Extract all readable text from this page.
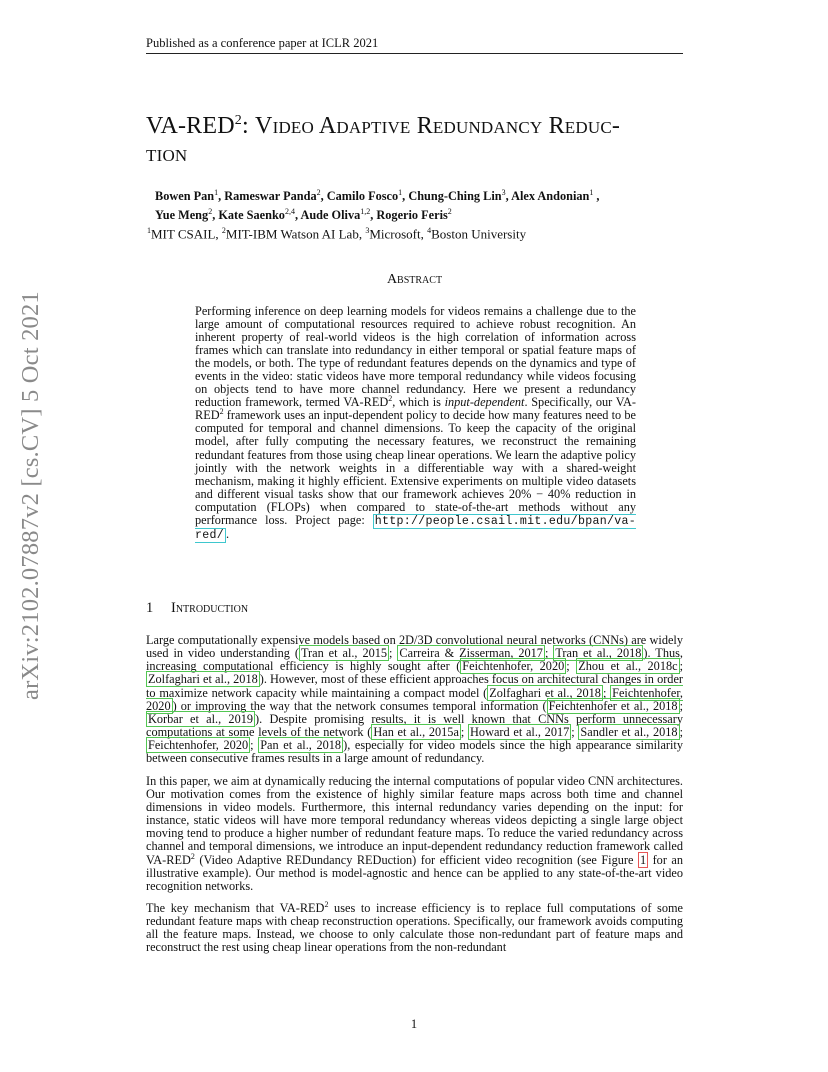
Published as a conference paper at ICLR 2021
arXiv:2102.07887v2 [cs.CV] 5 Oct 2021
VA-RED$^2$: Video Adaptive Redundancy Reduc-
tion
Bowen Pan$^1$, Rameswar Panda$^2$, Camilo Fosco$^1$, Chung-Ching Lin$^3$, Alex Andonian$^1$ ,
Yue Meng$^2$, Kate Saenko$^{2,4}$, Aude Oliva$^{1,2}$, Rogerio Feris$^2$
$^1$MIT CSAIL, $^2$MIT-IBM Watson AI Lab, $^3$Microsoft, $^4$Boston University
Abstract

Performing inference on deep learning models for videos remains a challenge due to the large amount of computational resources required to achieve robust recognition. An inherent property of real-world videos is the high correlation of information across frames which can translate into redundancy in either temporal or spatial feature maps of the models, or both. The type of redundant features depends on the dynamics and type of events in the video: static videos have more temporal redundancy while videos focusing on objects tend to have more channel redundancy. Here we present a redundancy reduction framework, termed VA-RED$^2$, which is input-dependent. Specifically, our VA-RED$^2$ framework uses an input-dependent policy to decide how many features need to be computed for temporal and channel dimensions. To keep the capacity of the original model, after fully computing the necessary features, we reconstruct the remaining redundant features from those using cheap linear operations. We learn the adaptive policy jointly with the network weights in a differentiable way with a shared-weight mechanism, making it highly efficient. Extensive experiments on multiple video datasets and different visual tasks show that our framework achieves 20% − 40% reduction in computation (FLOPs) when compared to state-of-the-art methods without any performance loss. Project page: http://people.csail.mit.edu/bpan/va-red/ .

1 Introduction

Large computationally expensive models based on 2D/3D convolutional neural networks (CNNs) are widely used in video understanding ( Tran et al., 2015 ; Carreira & Zisserman, 2017 ; Tran et al., 2018 ). Thus, increasing computational efficiency is highly sought after ( Feichtenhofer, 2020 ; Zhou et al., 2018c ; Zolfaghari et al., 2018 ). However, most of these efficient approaches focus on architectural changes in order to maximize network capacity while maintaining a compact model ( Zolfaghari et al., 2018 ; Feichtenhofer, 2020 ) or improving the way that the network consumes temporal information ( Feichtenhofer et al., 2018 ; Korbar et al., 2019 ). Despite promising results, it is well known that CNNs perform unnecessary computations at some levels of the network ( Han et al., 2015a ; Howard et al., 2017 ; Sandler et al., 2018 ; Feichtenhofer, 2020 ; Pan et al., 2018 ), especially for video models since the high appearance similarity between consecutive frames results in a large amount of redundancy.

In this paper, we aim at dynamically reducing the internal computations of popular video CNN architectures. Our motivation comes from the existence of highly similar feature maps across both time and channel dimensions in video models. Furthermore, this internal redundancy varies depending on the input: for instance, static videos will have more temporal redundancy whereas videos depicting a single large object moving tend to produce a higher number of redundant feature maps. To reduce the varied redundancy across channel and temporal dimensions, we introduce an input-dependent redundancy reduction framework called VA-RED$^2$ (Video Adaptive REDundancy REDuction) for efficient video recognition (see Figure 1 for an illustrative example). Our method is model-agnostic and hence can be applied to any state-of-the-art video recognition networks.

The key mechanism that VA-RED$^2$ uses to increase efficiency is to replace full computations of some redundant feature maps with cheap reconstruction operations. Specifically, our framework avoids computing all the feature maps. Instead, we choose to only calculate those non-redundant part of feature maps and reconstruct the rest using cheap linear operations from the non-redundant

1
